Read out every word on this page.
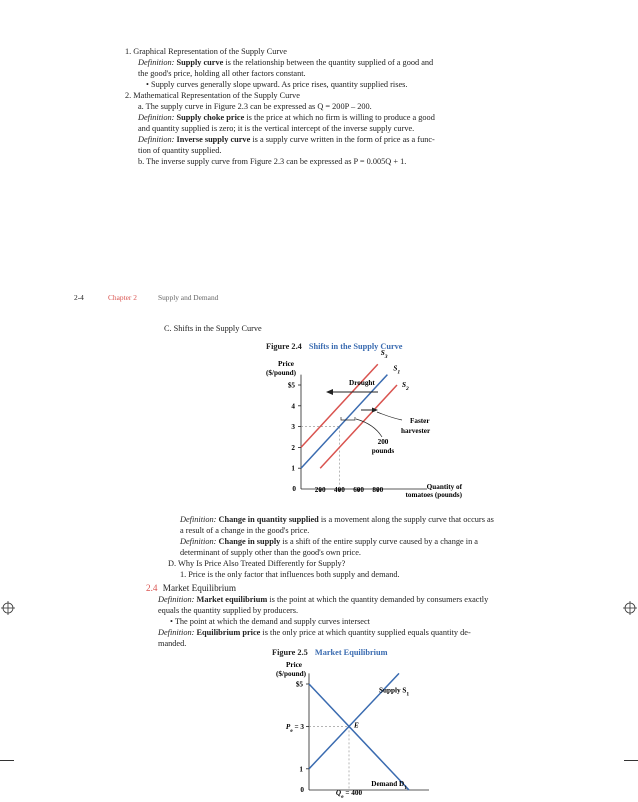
1. Graphical Representation of the Supply Curve
Definition: Supply curve is the relationship between the quantity supplied of a good and
the good's price, holding all other factors constant.
• Supply curves generally slope upward. As price rises, quantity supplied rises.
2. Mathematical Representation of the Supply Curve
a. The supply curve in Figure 2.3 can be expressed as Q = 200P – 200.
Definition: Supply choke price is the price at which no firm is willing to produce a good
and quantity supplied is zero; it is the vertical intercept of the inverse supply curve.
Definition: Inverse supply curve is a supply curve written in the form of price as a func-
tion of quantity supplied.
b. The inverse supply curve from Figure 2.3 can be expressed as P = 0.005Q + 1.
2-4	Chapter 2	Supply and Demand
C. Shifts in the Supply Curve
Figure 2.4 Shifts in the Supply Curve
Price
($/pound)
0
1
2
3
4
$5
200 400 600 800
$S_3$
$S_1$
$S_2$
Quantity of
tomatoes (pounds)
Drought
Faster
harvester
200
pounds
Price
($/pound)
0
1
$5
$P_e = 3$
$Q_e = 400$
Supply $S_1$
Demand $D_1$
E
Definition: Change in quantity supplied is a movement along the supply curve that occurs as
a result of a change in the good's price.
Definition: Change in supply is a shift of the entire supply curve caused by a change in a
determinant of supply other than the good's own price.
D. Why Is Price Also Treated Differently for Supply?
1. Price is the only factor that influences both supply and demand.
2.4 Market Equilibrium
Definition: Market equilibrium is the point at which the quantity demanded by consumers exactly
equals the quantity supplied by producers.
• The point at which the demand and supply curves intersect
Definition: Equilibrium price is the only price at which quantity supplied equals quantity de-
manded.
Figure 2.5 Market Equilibrium
